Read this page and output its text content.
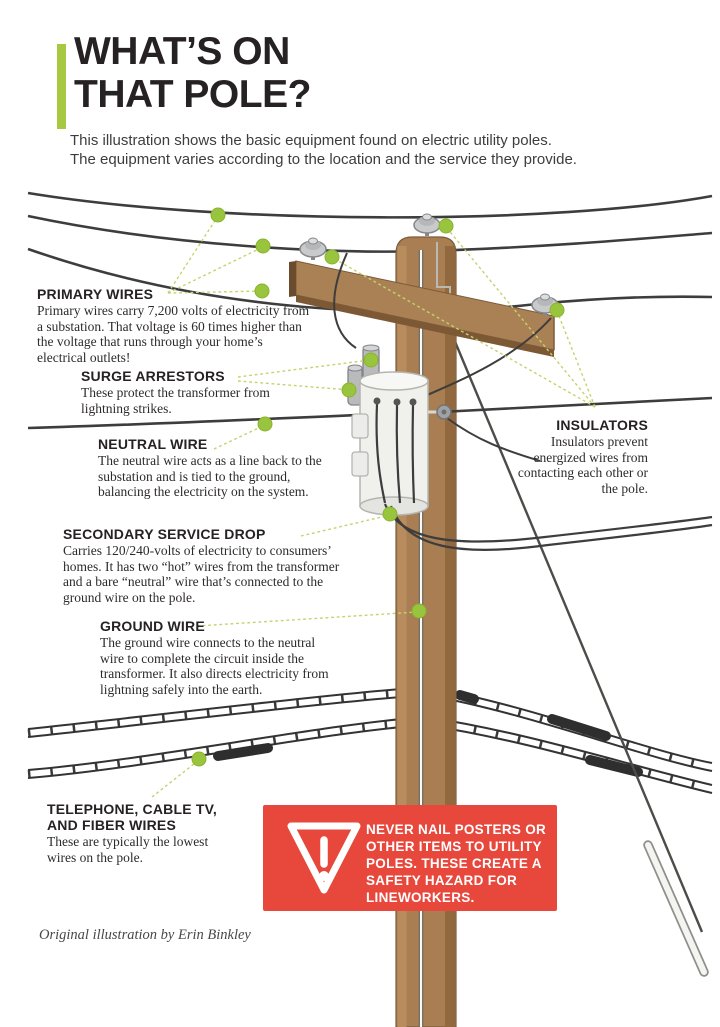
WHAT’S ON
THAT POLE?
This illustration shows the basic equipment found on electric utility poles.
The equipment varies according to the location and the service they provide.
PRIMARY WIRES

Primary wires carry 7,200 volts of electricity from a substation. That voltage is 60 times higher than the voltage that runs through your home’s electrical outlets!

SURGE ARRESTORS

These protect the transformer from lightning strikes.

NEUTRAL WIRE

The neutral wire acts as a line back to the substation and is tied to the ground, balancing the electricity on the system.

SECONDARY SERVICE DROP

Carries 120/240-volts of electricity to consumers’ homes. It has two “hot” wires from the transformer and a bare “neutral” wire that’s connected to the ground wire on the pole.

GROUND WIRE

The ground wire connects to the neutral wire to complete the circuit inside the transformer. It also directs electricity from lightning safely into the earth.

INSULATORS

Insulators prevent energized wires from contacting each other or the pole.

TELEPHONE, CABLE TV, AND FIBER WIRES

These are typically the lowest wires on the pole.

NEVER NAIL POSTERS OR OTHER ITEMS TO UTILITY POLES. THESE CREATE A SAFETY HAZARD FOR LINEWORKERS.
Original illustration by Erin Binkley
